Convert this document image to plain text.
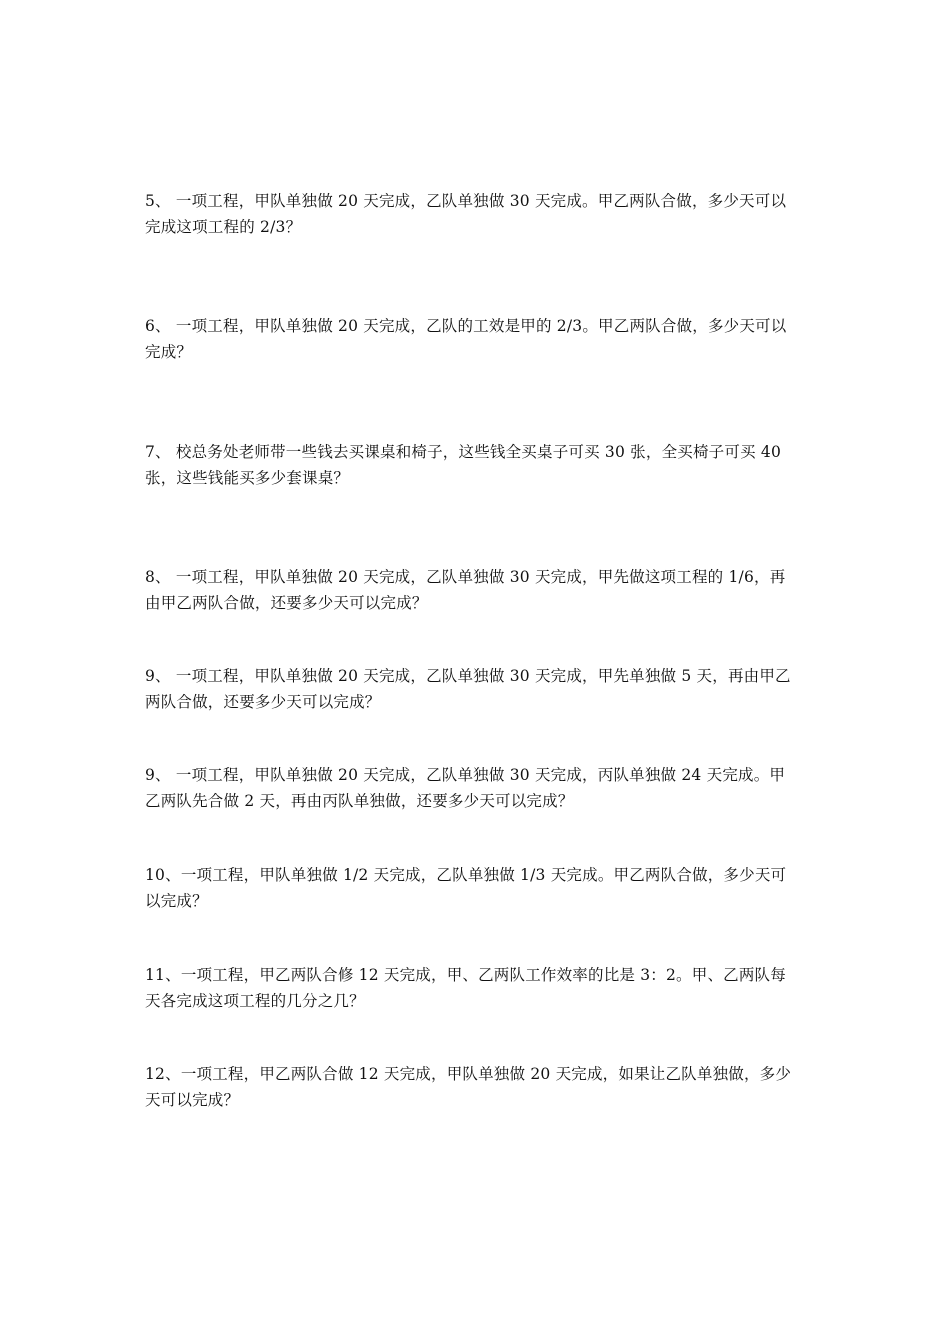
5、 一项工程，甲队单独做 20 天完成，乙队单独做 30 天完成。甲乙两队合做，多少天可以
完成这项工程的 2/3？
6、 一项工程，甲队单独做 20 天完成，乙队的工效是甲的 2/3。甲乙两队合做，多少天可以
完成？
7、 校总务处老师带一些钱去买课桌和椅子，这些钱全买桌子可买 30 张，全买椅子可买 40
张，这些钱能买多少套课桌？
8、 一项工程，甲队单独做 20 天完成，乙队单独做 30 天完成，甲先做这项工程的 1/6，再
由甲乙两队合做，还要多少天可以完成？
9、 一项工程，甲队单独做 20 天完成，乙队单独做 30 天完成，甲先单独做 5 天，再由甲乙
两队合做，还要多少天可以完成？
9、 一项工程，甲队单独做 20 天完成，乙队单独做 30 天完成，丙队单独做 24 天完成。甲
乙两队先合做 2 天，再由丙队单独做，还要多少天可以完成？
10、一项工程，甲队单独做 1/2 天完成，乙队单独做 1/3 天完成。甲乙两队合做，多少天可
以完成？
11、一项工程，甲乙两队合修 12 天完成，甲、乙两队工作效率的比是 3：2。甲、乙两队每
天各完成这项工程的几分之几？
12、一项工程，甲乙两队合做 12 天完成，甲队单独做 20 天完成，如果让乙队单独做，多少
天可以完成？
